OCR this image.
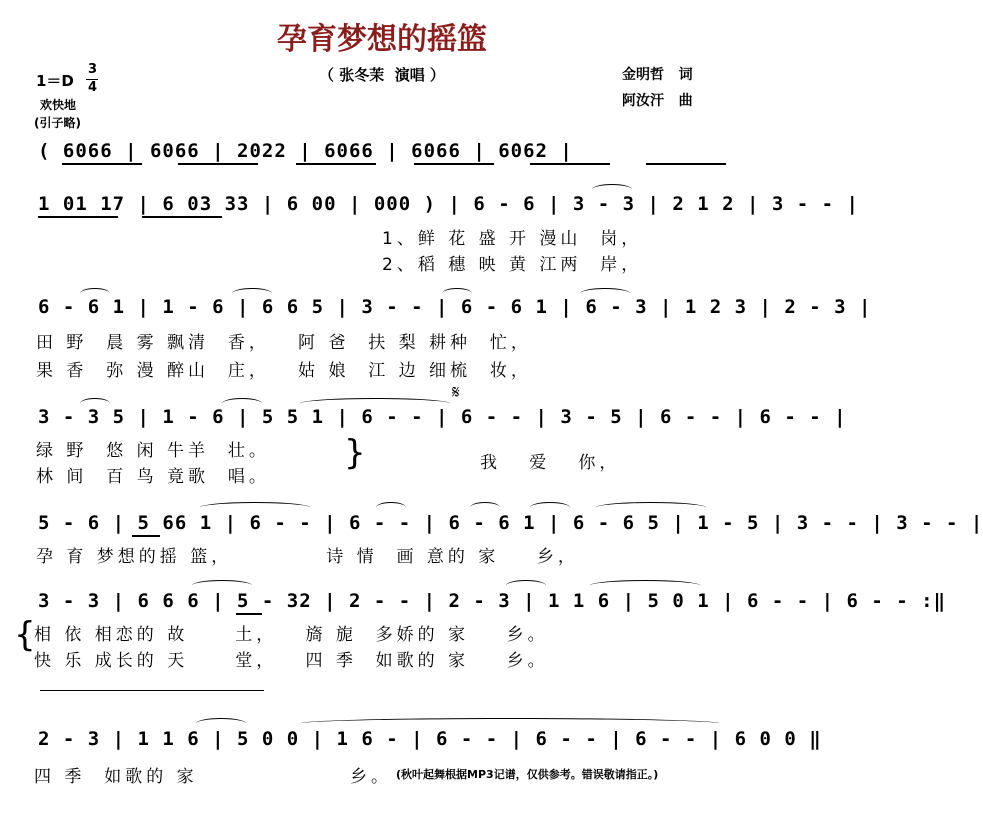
孕育梦想的摇篮
（ 张冬茉  演唱 ）	金明哲   词
阿汝汗   曲
1＝D
3
4
欢快地
(引子略)
( 6066 | 6066 | 2022 | 6066 | 6066 | 6062 |
1 01 17 | 6 03 33 | 6 00 | 000 ) | 6 - 6 | 3 - 3 | 2 1 2 | 3 - - |
1、鲜 花 盛 开 漫山  岗，
2、稻 穗 映 黄 江两  岸，
6 - 6 1 | 1 - 6 | 6 6 5 | 3 - - | 6 - 6 1 | 6 - 3 | 1 2 3 | 2 - 3 |
田 野  晨 雾 飘清  香，   阿 爸  扶 梨 耕种  忙，
果 香  弥 漫 醉山  庄，   姑 娘  江 边 细梳  妆，
𝄋
3 - 3 5 | 1 - 6 | 5 5 1 | 6 - - | 6 - - | 3 - 5 | 6 - - | 6 - - |
绿 野  悠 闲 牛羊  壮。
林 间  百 鸟 竟歌  唱。
}	我   爱   你，
5 - 6 | 5 66 1 | 6 - - | 6 - - | 6 - 6 1 | 6 - 6 5 | 1 - 5 | 3 - - | 3 - - |
孕 育 梦想的摇 篮，          诗 情  画 意的 家    乡，
3 - 3 | 6 6 6 | 5 - 32 | 2 - - | 2 - 3 | 1 1 6 | 5 0 1 | 6 - - | 6 - - :‖
{
相 依 相恋的 故     土，   旖 旎  多娇的 家    乡。
快 乐 成长的 天     堂，   四 季  如歌的 家    乡。
2 - 3 | 1 1 6 | 5 0 0 | 1 6 - | 6 - - | 6 - - | 6 - - | 6 0 0 ‖
四 季  如歌的 家	乡。 (秋叶起舞根据MP3记谱，仅供参考。错误敬请指正。)
